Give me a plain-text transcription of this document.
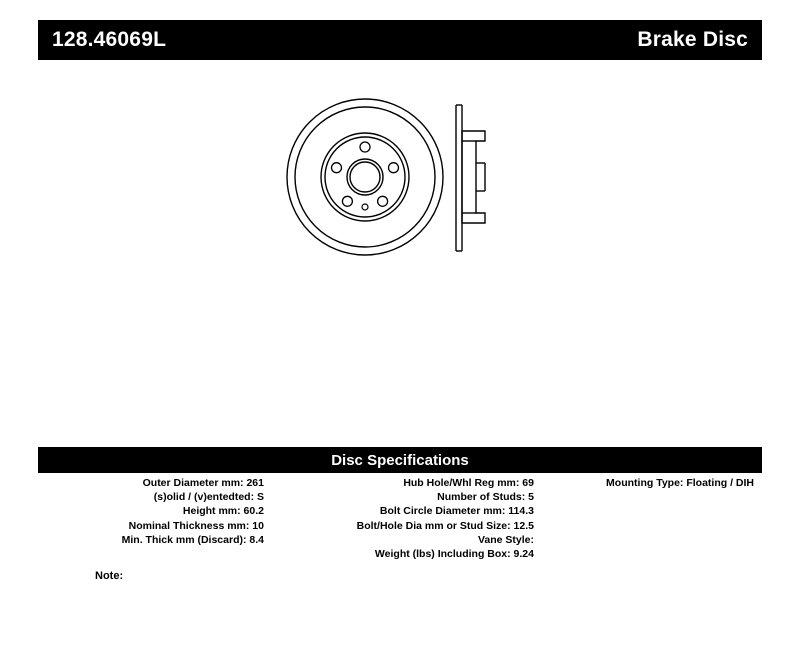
128.46069L	Brake Disc
Disc Specifications
Outer Diameter mm: 261
(s)olid / (v)entedted: S
Height mm: 60.2
Nominal Thickness mm: 10
Min. Thick mm (Discard): 8.4
Hub Hole/Whl Reg mm: 69
Number of Studs: 5
Bolt Circle Diameter mm: 114.3
Bolt/Hole Dia mm or Stud Size: 12.5
Vane Style:
Weight (lbs) Including Box: 9.24
Mounting Type: Floating / DIH
Note:
